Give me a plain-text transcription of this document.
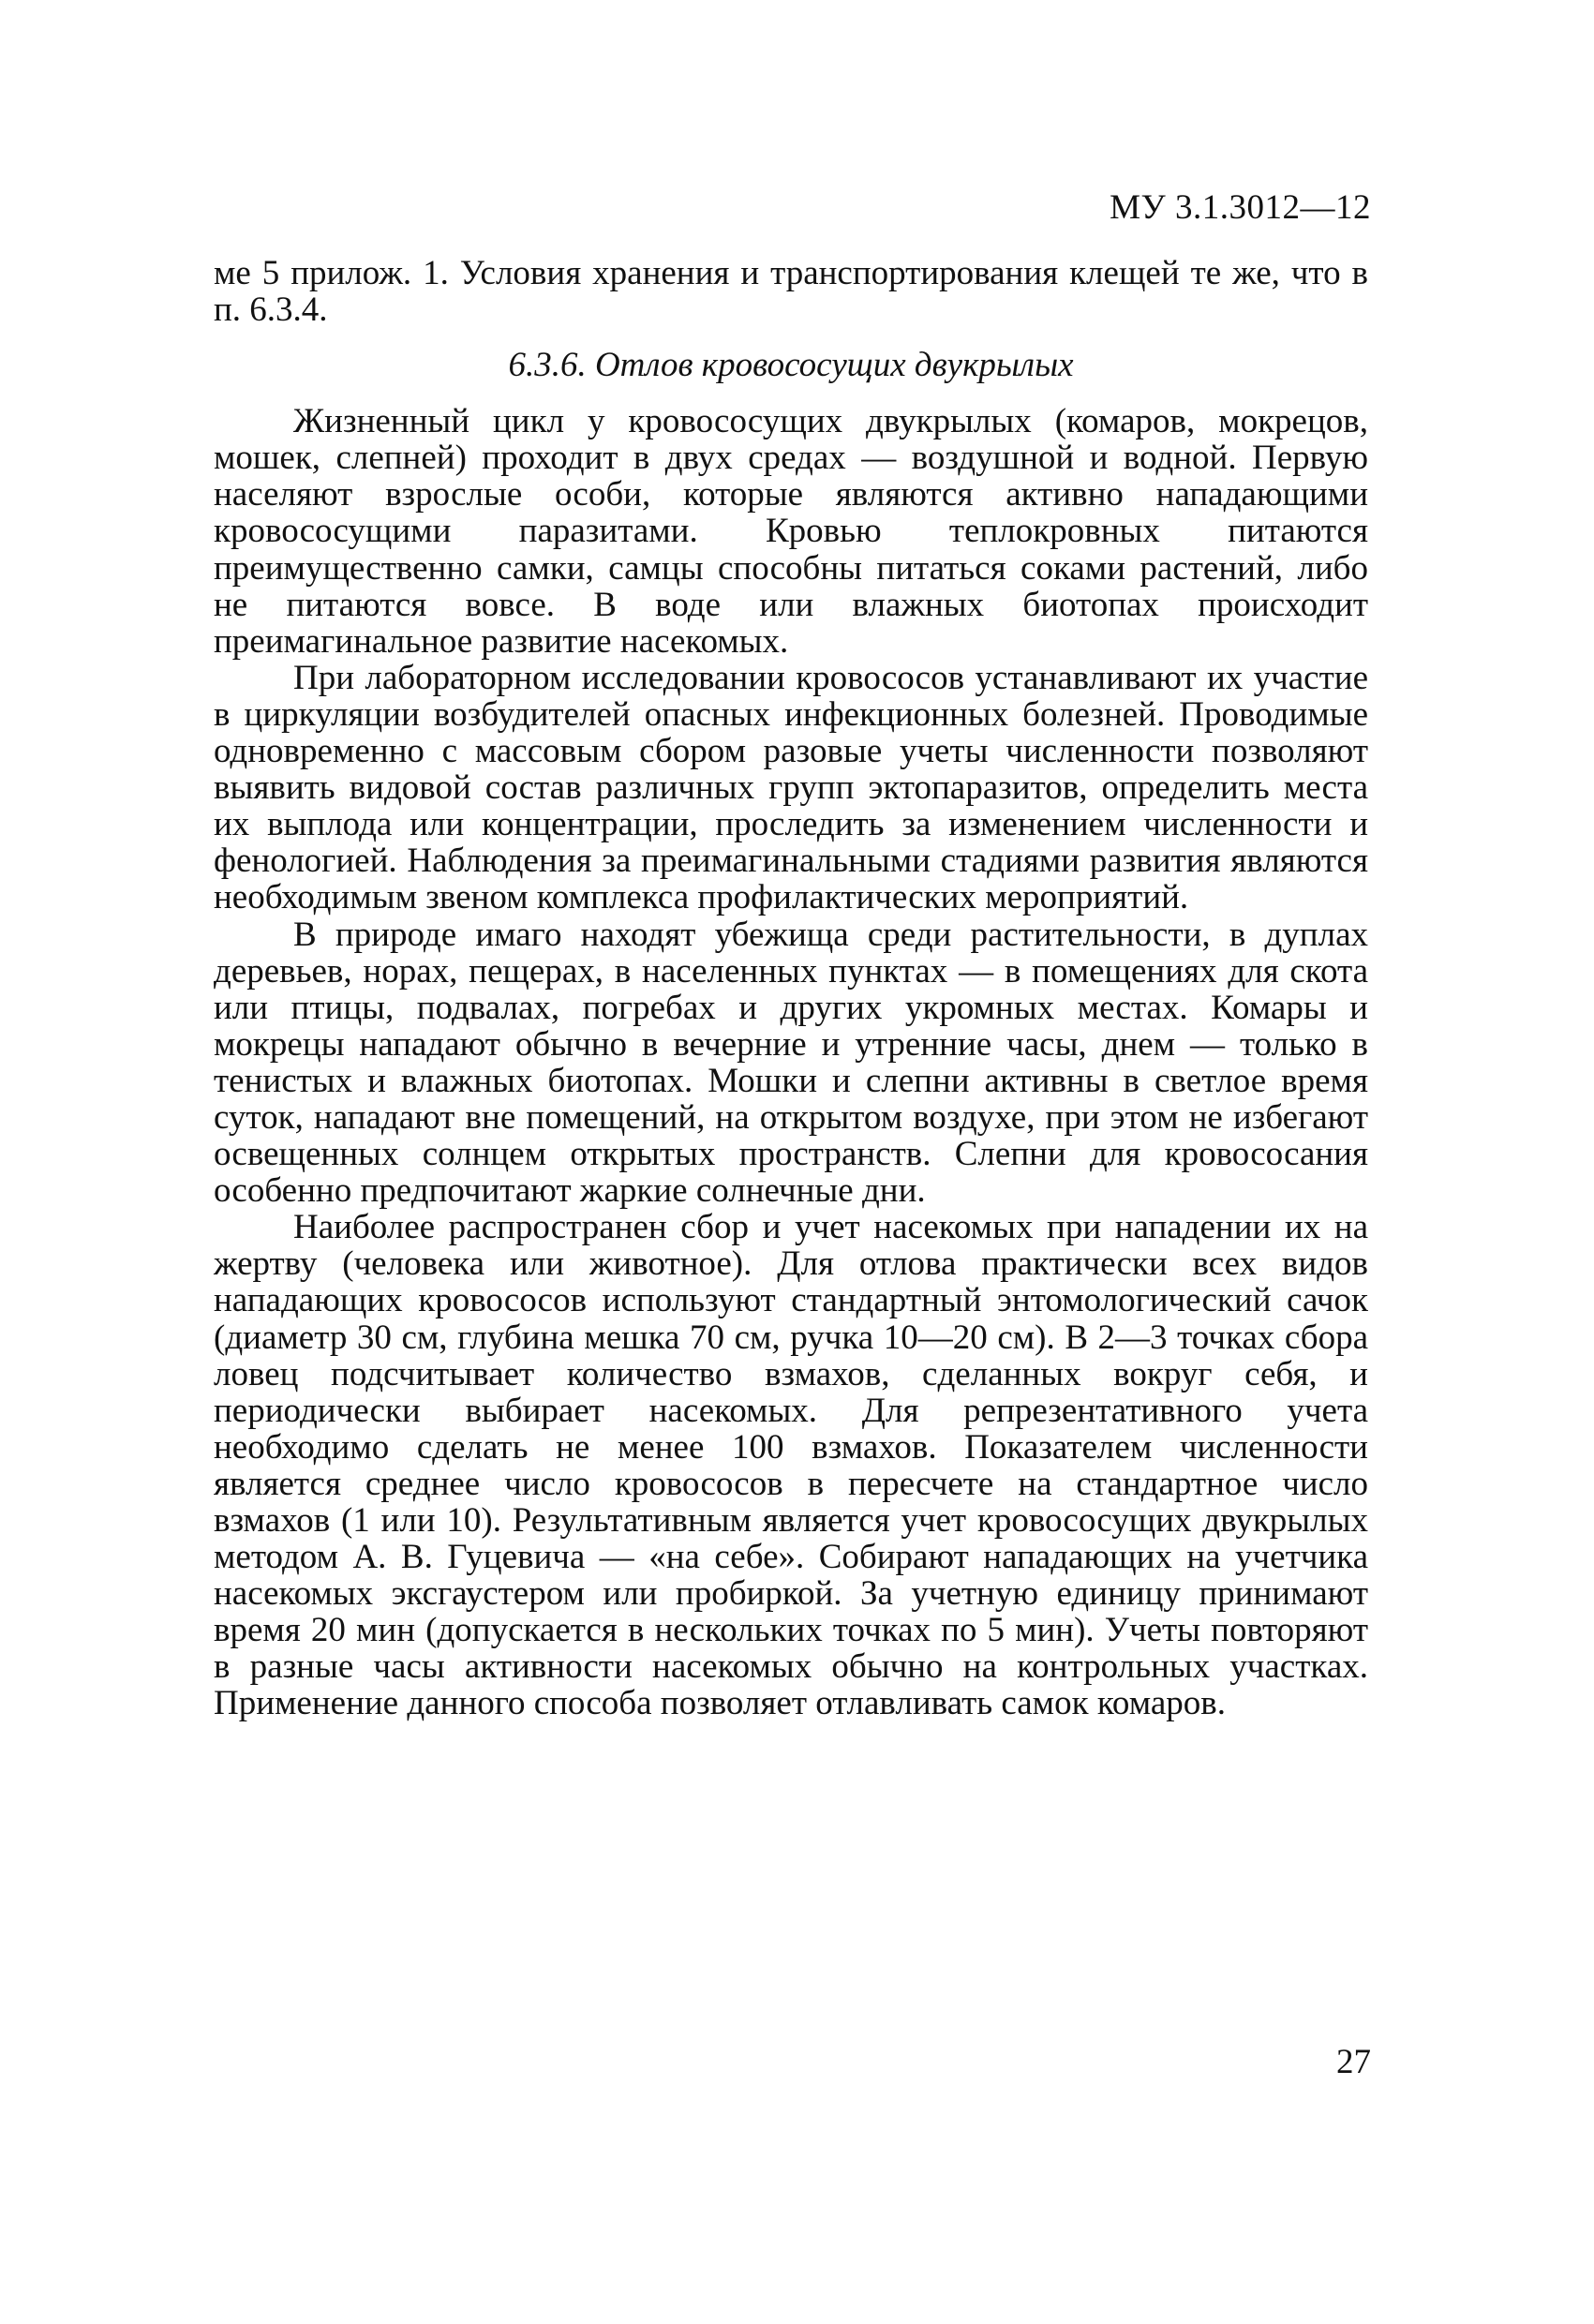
МУ 3.1.3012—12

ме 5 прилож. 1. Условия хранения и транспортирования клещей те же, что в п. 6.3.4.

6.3.6. Отлов кровососущих двукрылых

Жизненный цикл у кровососущих двукрылых (комаров, мокрецов, мошек, слепней) проходит в двух средах — воздушной и водной. Первую населяют взрослые особи, которые являются активно нападающими кровососущими паразитами. Кровью теплокровных питаются преимущественно самки, самцы способны питаться соками растений, либо не питаются вовсе. В воде или влажных биотопах происходит преимагинальное развитие насекомых.

При лабораторном исследовании кровососов устанавливают их участие в циркуляции возбудителей опасных инфекционных болезней. Проводимые одновременно с массовым сбором разовые учеты численности позволяют выявить видовой состав различных групп эктопаразитов, определить места их выплода или концентрации, проследить за изменением численности и фенологией. Наблюдения за преимагинальными стадиями развития являются необходимым звеном комплекса профилактических мероприятий.

В природе имаго находят убежища среди растительности, в дуплах деревьев, норах, пещерах, в населенных пунктах — в помещениях для скота или птицы, подвалах, погребах и других укромных местах. Комары и мокрецы нападают обычно в вечерние и утренние часы, днем — только в тенистых и влажных биотопах. Мошки и слепни активны в светлое время суток, нападают вне помещений, на открытом воздухе, при этом не избегают освещенных солнцем открытых пространств. Слепни для кровососания особенно предпочитают жаркие солнечные дни.

Наиболее распространен сбор и учет насекомых при нападении их на жертву (человека или животное). Для отлова практически всех видов нападающих кровососов используют стандартный энтомологический сачок (диаметр 30 см, глубина мешка 70 см, ручка 10—20 см). В 2—3 точках сбора ловец подсчитывает количество взмахов, сделанных вокруг себя, и периодически выбирает насекомых. Для репрезентативного учета необходимо сделать не менее 100 взмахов. Показателем численности является среднее число кровососов в пересчете на стандартное число взмахов (1 или 10). Результативным является учет кровососущих двукрылых методом А. В. Гуцевича — «на себе». Собирают нападающих на учетчика насекомых эксгаустером или пробиркой. За учетную единицу принимают время 20 мин (допускается в нескольких точках по 5 мин). Учеты повторяют в разные часы активности насекомых обычно на контрольных участках. Применение данного способа позволяет отлавливать самок комаров.

27
